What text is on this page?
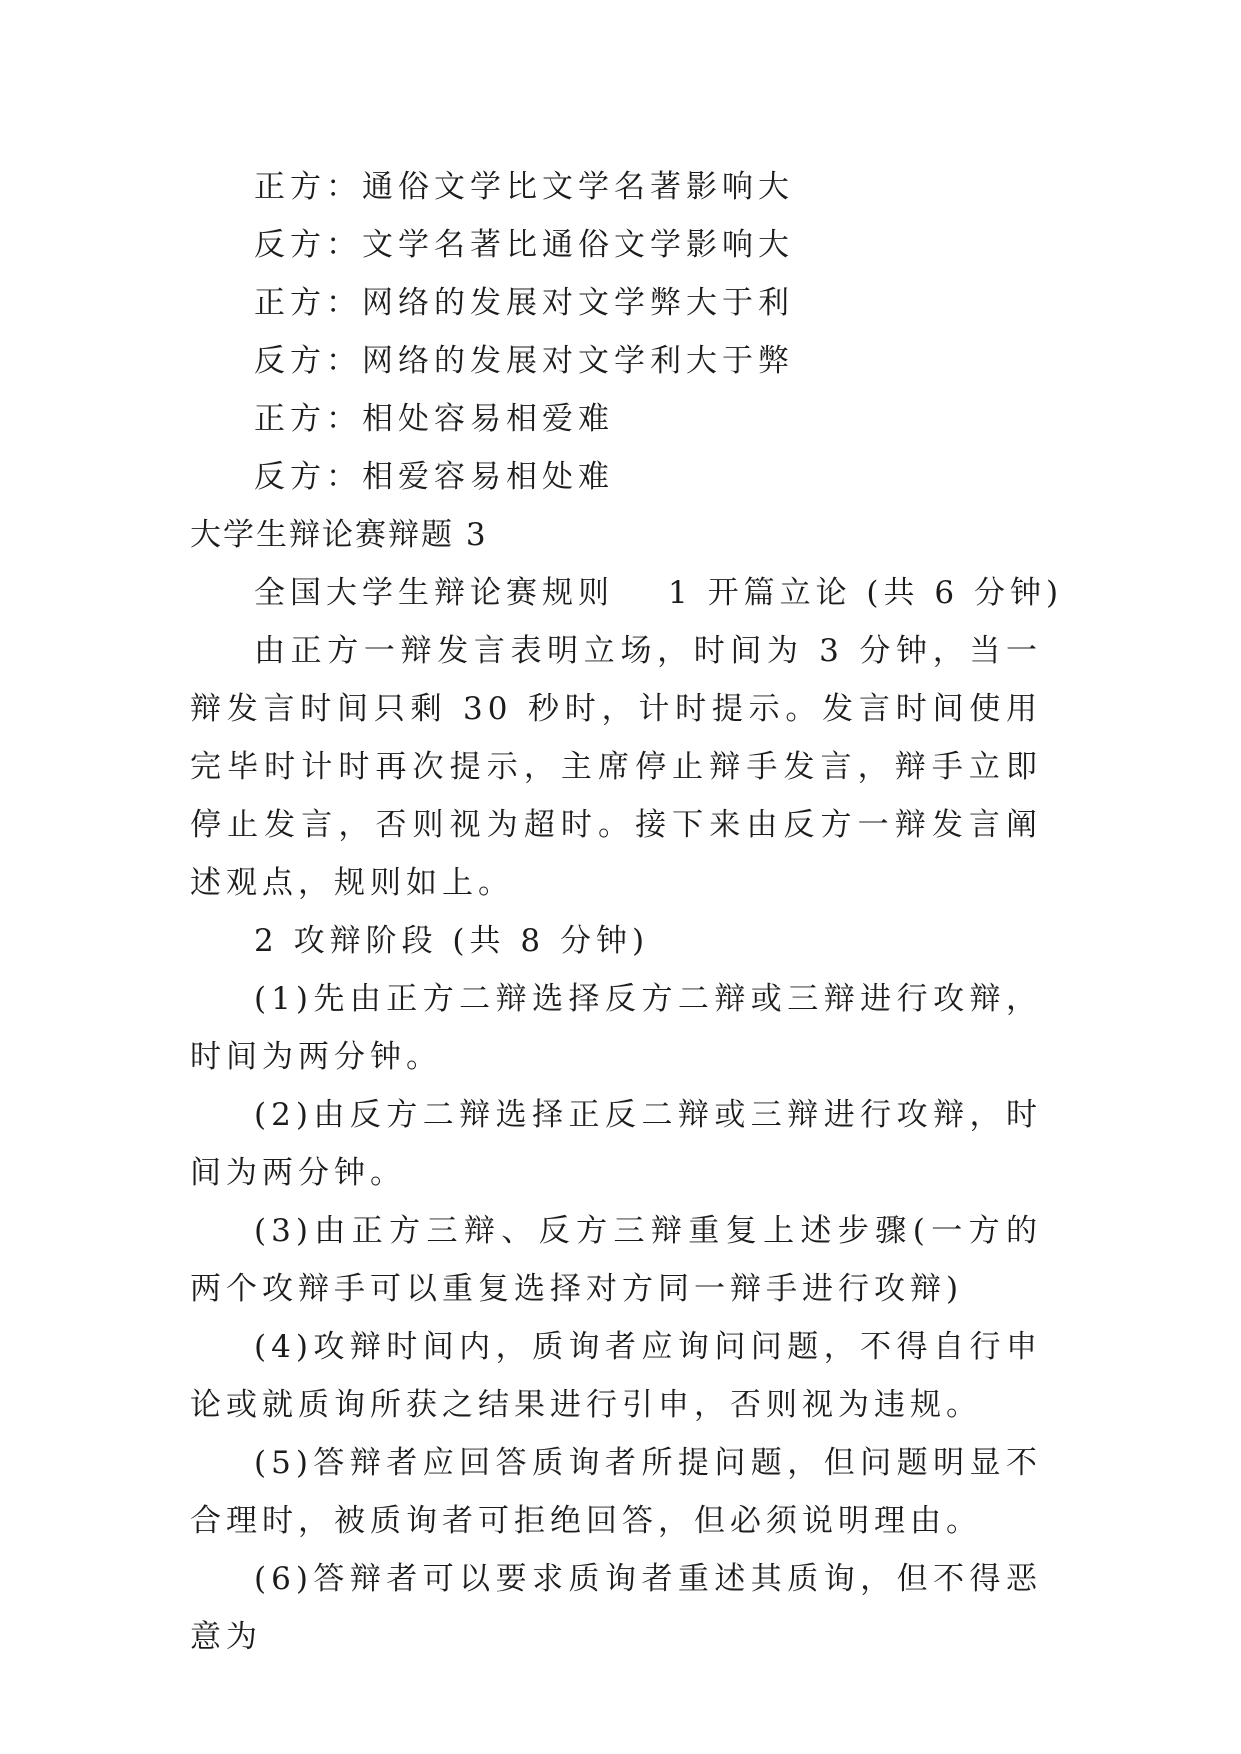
正方：通俗文学比文学名著影响大
反方：文学名著比通俗文学影响大
正方：网络的发展对文学弊大于利
反方：网络的发展对文学利大于弊
正方：相处容易相爱难
反方：相爱容易相处难
大学生辩论赛辩题 3
全国大学生辩论赛规则 1 开篇立论 (共 6 分钟)
由正方一辩发言表明立场，时间为 3 分钟，当一辩发言时间只剩 30 秒时，计时提示。发言时间使用完毕时计时再次提示，主席停止辩手发言，辩手立即停止发言，否则视为超时。接下来由反方一辩发言阐述观点，规则如上。
2 攻辩阶段 (共 8 分钟)
(1)先由正方二辩选择反方二辩或三辩进行攻辩，时间为两分钟。
(2)由反方二辩选择正反二辩或三辩进行攻辩，时间为两分钟。
(3)由正方三辩、反方三辩重复上述步骤(一方的两个攻辩手可以重复选择对方同一辩手进行攻辩)
(4)攻辩时间内，质询者应询问问题，不得自行申论或就质询所获之结果进行引申，否则视为违规。
(5)答辩者应回答质询者所提问题，但问题明显不合理时，被质询者可拒绝回答，但必须说明理由。
(6)答辩者可以要求质询者重述其质询，但不得恶意为
